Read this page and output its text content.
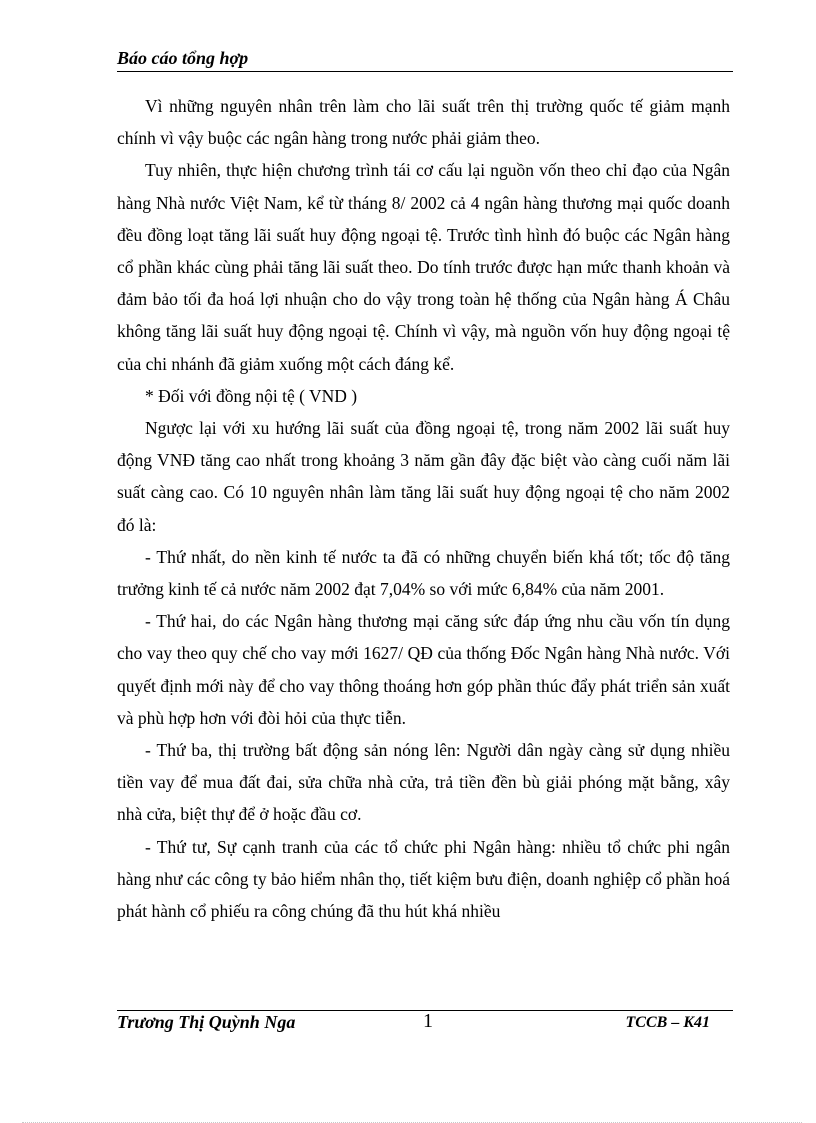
Báo cáo tổng hợp

Vì những nguyên nhân trên làm cho lãi suất trên thị trường quốc tế giảm mạnh chính vì vậy buộc các ngân hàng trong nước phải giảm theo.

Tuy nhiên, thực hiện chương trình tái cơ cấu lại nguồn vốn theo chỉ đạo của Ngân hàng Nhà nước Việt Nam, kể từ tháng 8/ 2002 cả 4 ngân hàng thương mại quốc doanh đều đồng loạt tăng lãi suất huy động ngoại tệ. Trước tình hình đó buộc các Ngân hàng cổ phần khác cùng phải tăng lãi suất theo. Do tính trước được hạn mức thanh khoản và đảm bảo tối đa hoá lợi nhuận cho do vậy trong toàn hệ thống của Ngân hàng Á Châu không tăng lãi suất huy động ngoại tệ. Chính vì vậy, mà nguồn vốn huy động ngoại tệ của chi nhánh đã giảm xuống một cách đáng kể.

* Đối với đồng nội tệ ( VND )

Ngược lại với xu hướng lãi suất của đồng ngoại tệ, trong năm 2002 lãi suất huy động VNĐ tăng cao nhất trong khoảng 3 năm gần đây đặc biệt vào càng cuối năm lãi suất càng cao. Có 10 nguyên nhân làm tăng lãi suất huy động ngoại tệ cho năm 2002 đó là:

- Thứ nhất, do nền kinh tế nước ta đã có những chuyển biến khá tốt; tốc độ tăng trưởng kinh tế cả nước năm 2002 đạt 7,04% so với mức 6,84% của năm 2001.

- Thứ hai, do các Ngân hàng thương mại căng sức đáp ứng nhu cầu vốn tín dụng cho vay theo quy chế cho vay mới 1627/ QĐ của thống Đốc Ngân hàng Nhà nước. Với quyết định mới này để cho vay thông thoáng hơn góp phần thúc đẩy phát triển sản xuất và phù hợp hơn với đòi hỏi của thực tiễn.

- Thứ ba, thị trường bất động sản nóng lên: Người dân ngày càng sử dụng nhiều tiền vay để mua đất đai, sửa chữa nhà cửa, trả tiền đền bù giải phóng mặt bằng, xây nhà cửa, biệt thự để ở hoặc đầu cơ.

- Thứ tư, Sự cạnh tranh của các tổ chức phi Ngân hàng: nhiều tổ chức phi ngân hàng như các công ty bảo hiểm nhân thọ, tiết kiệm bưu điện, doanh nghiệp cổ phần hoá phát hành cổ phiếu ra công chúng đã thu hút khá nhiều

Trương Thị Quỳnh Nga	1	TCCB – K41
